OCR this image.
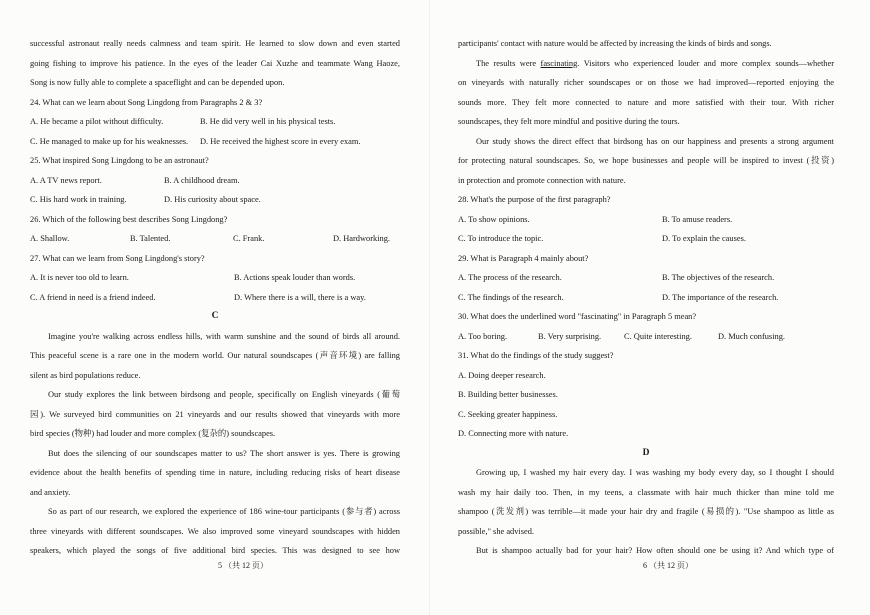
successful astronaut really needs calmness and team spirit. He learned to slow down and even started
going fishing to improve his patience. In the eyes of the leader Cai Xuzhe and teammate Wang Haoze,
Song is now fully able to complete a spaceflight and can be depended upon.
24. What can we learn about Song Lingdong from Paragraphs 2 & 3?
A. He became a pilot without difficulty.	B. He did very well in his physical tests.
C. He managed to make up for his weaknesses.	D. He received the highest score in every exam.
25. What inspired Song Lingdong to be an astronaut?
A. A TV news report.	B. A childhood dream.
C. His hard work in training.	D. His curiosity about space.
26. Which of the following best describes Song Lingdong?
A. Shallow.	B. Talented.	C. Frank.	D. Hardworking.
27. What can we learn from Song Lingdong's story?
A. It is never too old to learn.	B. Actions speak louder than words.
C. A friend in need is a friend indeed.	D. Where there is a will, there is a way.
C
Imagine you're walking across endless hills, with warm sunshine and the sound of birds all around.
This peaceful scene is a rare one in the modern world. Our natural soundscapes (声音环境) are falling
silent as bird populations reduce.
Our study explores the link between birdsong and people, specifically on English vineyards (葡萄
园). We surveyed bird communities on 21 vineyards and our results showed that vineyards with more
bird species (物种) had louder and more complex (复杂的) soundscapes.
But does the silencing of our soundscapes matter to us? The short answer is yes. There is growing
evidence about the health benefits of spending time in nature, including reducing risks of heart disease
and anxiety.
So as part of our research, we explored the experience of 186 wine-tour participants (参与者) across
three vineyards with different soundscapes. We also improved some vineyard soundscapes with hidden
speakers, which played the songs of five additional bird species. This was designed to see how
5 （共 12 页）
participants' contact with nature would be affected by increasing the kinds of birds and songs.
The results were fascinating. Visitors who experienced louder and more complex sounds—whether
on vineyards with naturally richer soundscapes or on those we had improved—reported enjoying the
sounds more. They felt more connected to nature and more satisfied with their tour. With richer
soundscapes, they felt more mindful and positive during the tours.
Our study shows the direct effect that birdsong has on our happiness and presents a strong argument
for protecting natural soundscapes. So, we hope businesses and people will be inspired to invest (投资)
in protection and promote connection with nature.
28. What's the purpose of the first paragraph?
A. To show opinions.	B. To amuse readers.
C. To introduce the topic.	D. To explain the causes.
29. What is Paragraph 4 mainly about?
A. The process of the research.	B. The objectives of the research.
C. The findings of the research.	D. The importance of the research.
30. What does the underlined word "fascinating" in Paragraph 5 mean?
A. Too boring.	B. Very surprising.	C. Quite interesting.	D. Much confusing.
31. What do the findings of the study suggest?
A. Doing deeper research.
B. Building better businesses.
C. Seeking greater happiness.
D. Connecting more with nature.
D
Growing up, I washed my hair every day. I was washing my body every day, so I thought I should
wash my hair daily too. Then, in my teens, a classmate with hair much thicker than mine told me
shampoo (洗发剂) was terrible—it made your hair dry and fragile (易损的). "Use shampoo as little as
possible," she advised.
But is shampoo actually bad for your hair? How often should one be using it? And which type of
6 （共 12 页）
